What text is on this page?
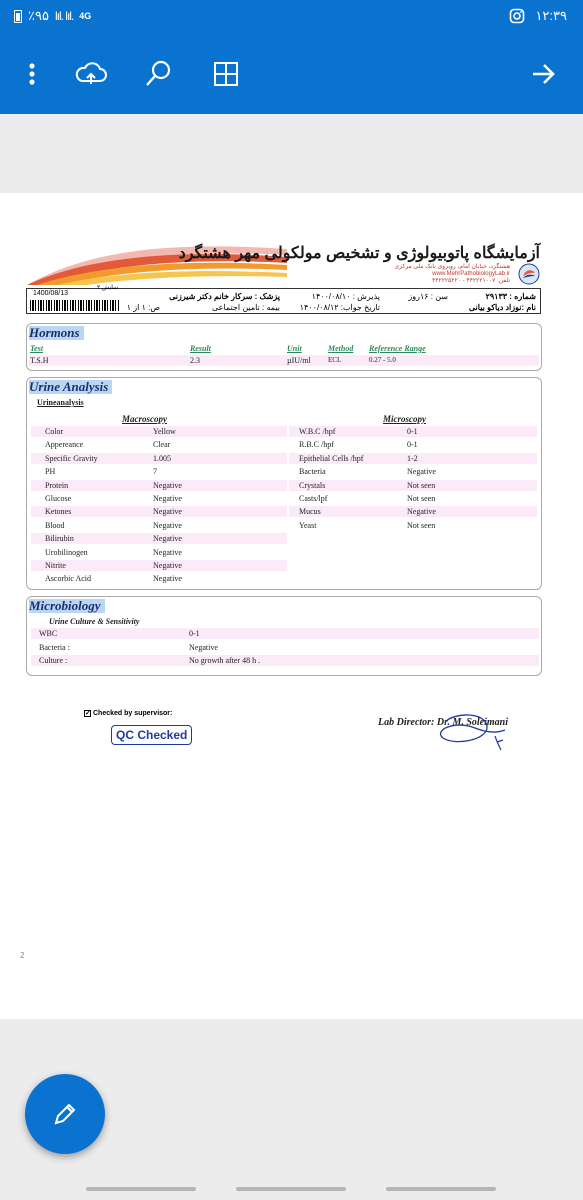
٪۹۵ lıl. lıl. 4G	۱۲:۳۹
آزمایشگاه پاتوبیولوژی و تشخیص مولکولی مهر هشتگرد
هشتگرد، خیابان امام، روبروی بانک ملی مرکزی
www.MehrPathobiologyLab.ir
تلفن: ۴۴۲۲۲۱۰۰۷ - ۴۴۲۲۲۵۲۲۰
شماره : ۲۹۱۳۳
سن : ۱۶روز
پذیرش : ۱۴۰۰/۰۸/۱۰
پزشک : سرکار خانم دکتر شیرزنی
نام :نوزاد دیاکو بیانی
تاریخ جواب: ۱۴۰۰/۰۸/۱۲
بیمه : تامین اجتماعی
ص: ۱ از ۱
1400/08/13
سایش ۲
Hormons
Test	Result	Unit	Method Reference Range
T.S.H	2.3	µIU/ml ECL	0.27 - 5.0
Urine Analysis
Urineanalysis
Macroscopy	Microscopy
Color	Yellow
Appereance	Clear
Specific Gravity	1.005
PH	7
Protein	Negative
Glucose	Negative
Ketones	Negative
Blood	Negative
Bilirubin	Negative
Urobilinogen	Negative
Nitrite	Negative
Ascorbic Acid	Negative
W.B.C /hpf	0-1
R.B.C /hpf	0-1
Epithelial Cells /hpf	1-2
Bacteria	Negative
Crystals	Not seen
Casts/lpf	Not seen
Mucus	Negative
Yeast	Not seen
Microbiology
Urine Culture & Sensitivity
WBC	0-1
Bacteria :	Negative
Culture :	No growth after 48 h .
✓ Checked by supervisor:
QC Checked
Lab Director: Dr. M. Soleimani
2
